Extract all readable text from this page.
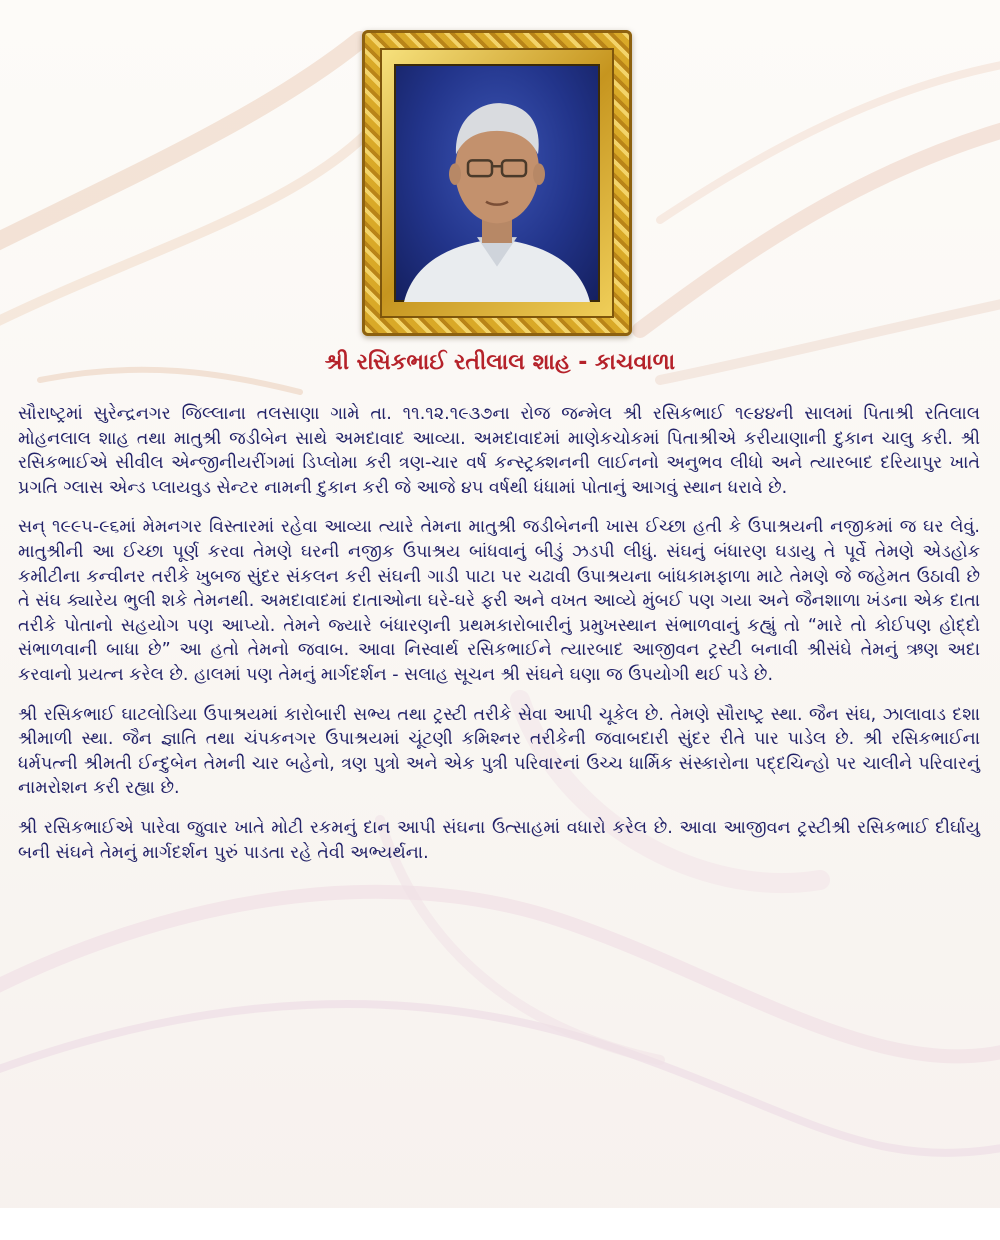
શ્રી રસિકભાઈ રતીલાલ શાહ - કાચવાળા

સૌરાષ્ટ્રમાં સુરેન્દ્રનગર જિલ્લાના તલસાણા ગામે તા. ૧૧.૧૨.૧૯૩૭ના રોજ જન્મેલ શ્રી રસિકભાઈ ૧૯૪૪ની સાલમાં પિતાશ્રી રતિલાલ મોહનલાલ શાહ તથા માતુશ્રી જડીબેન સાથે અમદાવાદ આવ્યા. અમદાવાદમાં માણેકચોકમાં પિતાશ્રીએ કરીયાણાની દુકાન ચાલુ કરી. શ્રી રસિકભાઈએ સીવીલ એન્જીનીયરીંગમાં ડિપ્લોમા કરી ત્રણ-ચાર વર્ષ કન્સ્ટ્રક્શનની લાઈનનો અનુભવ લીધો અને ત્યારબાદ દરિયાપુર ખાતે પ્રગતિ ગ્લાસ એન્ડ પ્લાયવુડ સેન્ટર નામની દુકાન કરી જે આજે ૪૫ વર્ષથી ધંધામાં પોતાનું આગવું સ્થાન ધરાવે છે.

સન્ ૧૯૯૫-૯૬માં મેમનગર વિસ્તારમાં રહેવા આવ્યા ત્યારે તેમના માતુશ્રી જડીબેનની ખાસ ઈચ્છા હતી કે ઉપાશ્રયની નજીકમાં જ ઘર લેવું. માતુશ્રીની આ ઈચ્છા પૂર્ણ કરવા તેમણે ઘરની નજીક ઉપાશ્રય બાંધવાનું બીડું ઝડપી લીધું. સંઘનું બંધારણ ઘડાયુ તે પૂર્વે તેમણે એડહોક કમીટીના કન્વીનર તરીકે ખુબજ સુંદર સંકલન કરી સંઘની ગાડી પાટા પર ચઢાવી ઉપાશ્રયના બાંધકામફાળા માટે તેમણે જે જહેમત ઉઠાવી છે તે સંઘ ક્યારેય ભુલી શકે તેમનથી. અમદાવાદમાં દાતાઓના ઘરે-ઘરે ફરી અને વખત આવ્યે મુંબઈ પણ ગયા અને જૈનશાળા ખંડના એક દાતા તરીકે પોતાનો સહયોગ પણ આપ્યો. તેમને જ્યારે બંધારણની પ્રથમકારોબારીનું પ્રમુખસ્થાન સંભાળવાનું કહ્યું તો “મારે તો કોઈપણ હોદ્દો સંભાળવાની બાધા છે” આ હતો તેમનો જવાબ. આવા નિસ્વાર્થ રસિકભાઈને ત્યારબાદ આજીવન ટ્રસ્ટી બનાવી શ્રીસંઘે તેમનું ઋણ અદા કરવાનો પ્રયત્ન કરેલ છે. હાલમાં પણ તેમનું માર્ગદર્શન - સલાહ સૂચન શ્રી સંઘને ઘણા જ ઉપયોગી થઈ પડે છે.

શ્રી રસિકભાઈ ઘાટલોડિયા ઉપાશ્રયમાં કારોબારી સભ્ય તથા ટ્રસ્ટી તરીકે સેવા આપી ચૂકેલ છે. તેમણે સૌરાષ્ટ્ર સ્થા. જૈન સંઘ, ઝાલાવાડ દશા શ્રીમાળી સ્થા. જૈન જ્ઞાતિ તથા ચંપકનગર ઉપાશ્રયમાં ચૂંટણી કમિશ્નર તરીકેની જવાબદારી સુંદર રીતે પાર પાડેલ છે. શ્રી રસિકભાઈના ધર્મપત્ની શ્રીમતી ઈન્દુબેન તેમની ચાર બહેનો, ત્રણ પુત્રો અને એક પુત્રી પરિવારનાં ઉચ્ચ ધાર્મિક સંસ્કારોના પદ્દચિન્હો પર ચાલીને પરિવારનું નામરોશન કરી રહ્યા છે.

શ્રી રસિકભાઈએ પારેવા જુવાર ખાતે મોટી રકમનું દાન આપી સંઘના ઉત્સાહમાં વધારો કરેલ છે. આવા આજીવન ટ્રસ્ટીશ્રી રસિકભાઈ દીર્ઘાયુ બની સંઘને તેમનું માર્ગદર્શન પુરું પાડતા રહે તેવી અભ્યર્થના.
